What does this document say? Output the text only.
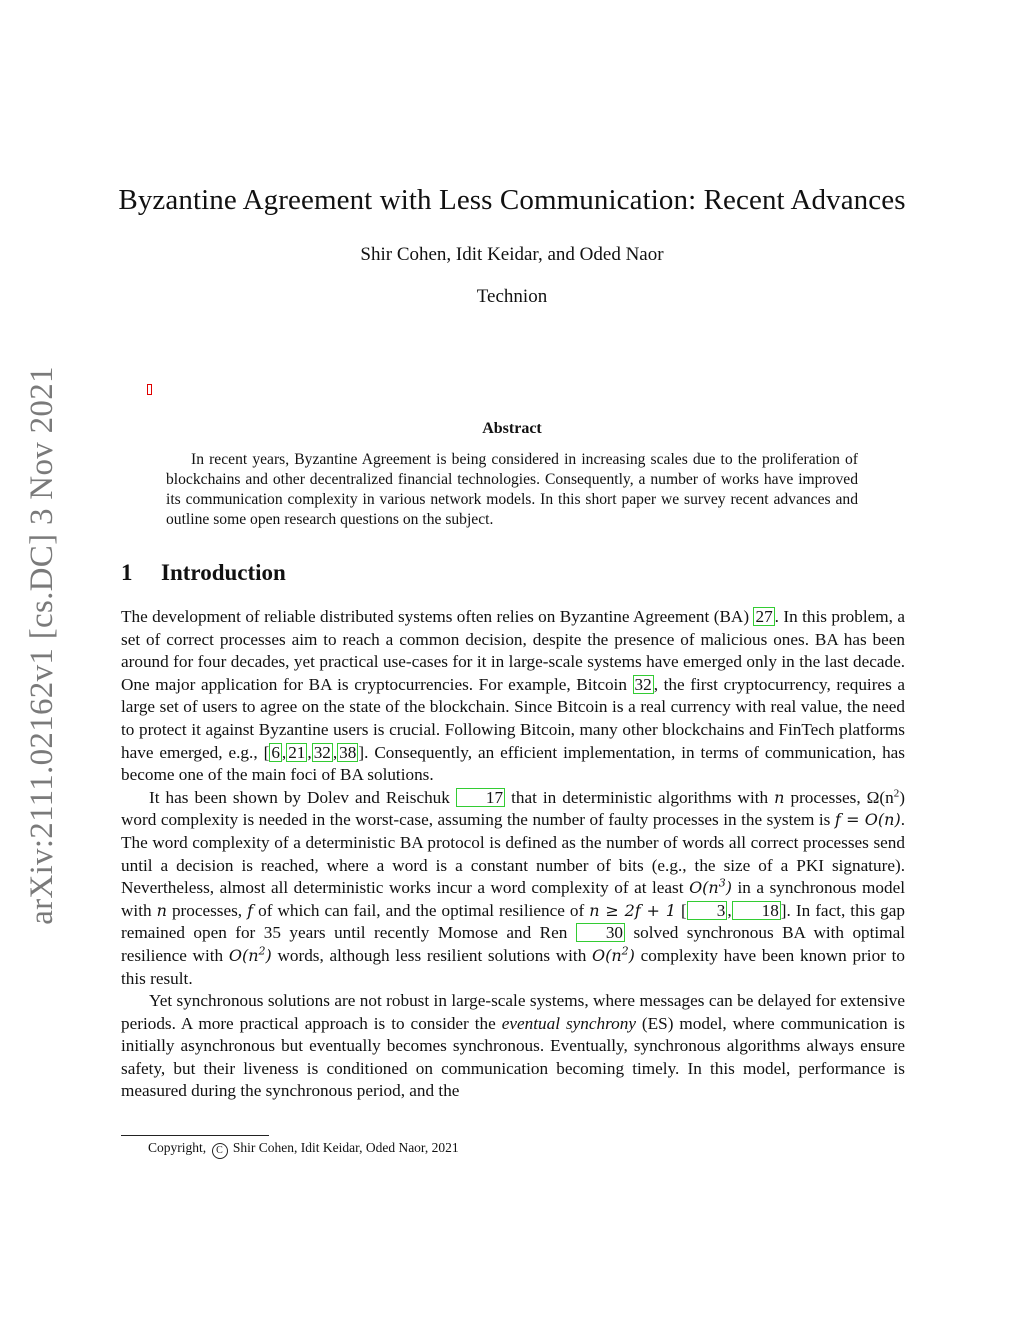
arXiv:2111.02162v1 [cs.DC] 3 Nov 2021
Byzantine Agreement with Less Communication: Recent Advances
Shir Cohen, Idit Keidar, and Oded Naor
Technion
Abstract

In recent years, Byzantine Agreement is being considered in increasing scales due to the proliferation of blockchains and other decentralized financial technologies. Consequently, a number of works have improved its communication complexity in various network models. In this short paper we survey recent advances and outline some open research questions on the subject.

1 Introduction

The development of reliable distributed systems often relies on Byzantine Agreement (BA) 27 . In this problem, a set of correct processes aim to reach a common decision, despite the presence of malicious ones. BA has been around for four decades, yet practical use-cases for it in large-scale systems have emerged only in the last decade. One major application for BA is cryptocurrencies. For example, Bitcoin 32 , the first cryptocurrency, requires a large set of users to agree on the state of the blockchain. Since Bitcoin is a real currency with real value, the need to protect it against Byzantine users is crucial. Following Bitcoin, many other blockchains and FinTech platforms have emerged, e.g., [ 6 , 21 , 32 , 38 ]. Consequently, an efficient implementation, in terms of communication, has become one of the main foci of BA solutions.

It has been shown by Dolev and Reischuk 17 that in deterministic algorithms with n processes, $\Omega(n^2)$ word complexity is needed in the worst-case, assuming the number of faulty processes in the system is f = O(n). The word complexity of a deterministic BA protocol is defined as the number of words all correct processes send until a decision is reached, where a word is a constant number of bits (e.g., the size of a PKI signature). Nevertheless, almost all deterministic works incur a word complexity of at least $O(n^3)$ in a synchronous model with n processes, f of which can fail, and the optimal resilience of n ≥ 2f + 1 [ 3 , 18 ]. In fact, this gap remained open for 35 years until recently Momose and Ren 30 solved synchronous BA with optimal resilience with $O(n^2)$ words, although less resilient solutions with $O(n^2)$ complexity have been known prior to this result.

Yet synchronous solutions are not robust in large-scale systems, where messages can be delayed for extensive periods. A more practical approach is to consider the eventual synchrony (ES) model, where communication is initially asynchronous but eventually becomes synchronous. Eventually, synchronous algorithms always ensure safety, but their liveness is conditioned on communication becoming timely. In this model, performance is measured during the synchronous period, and the

Copyright, C Shir Cohen, Idit Keidar, Oded Naor, 2021
